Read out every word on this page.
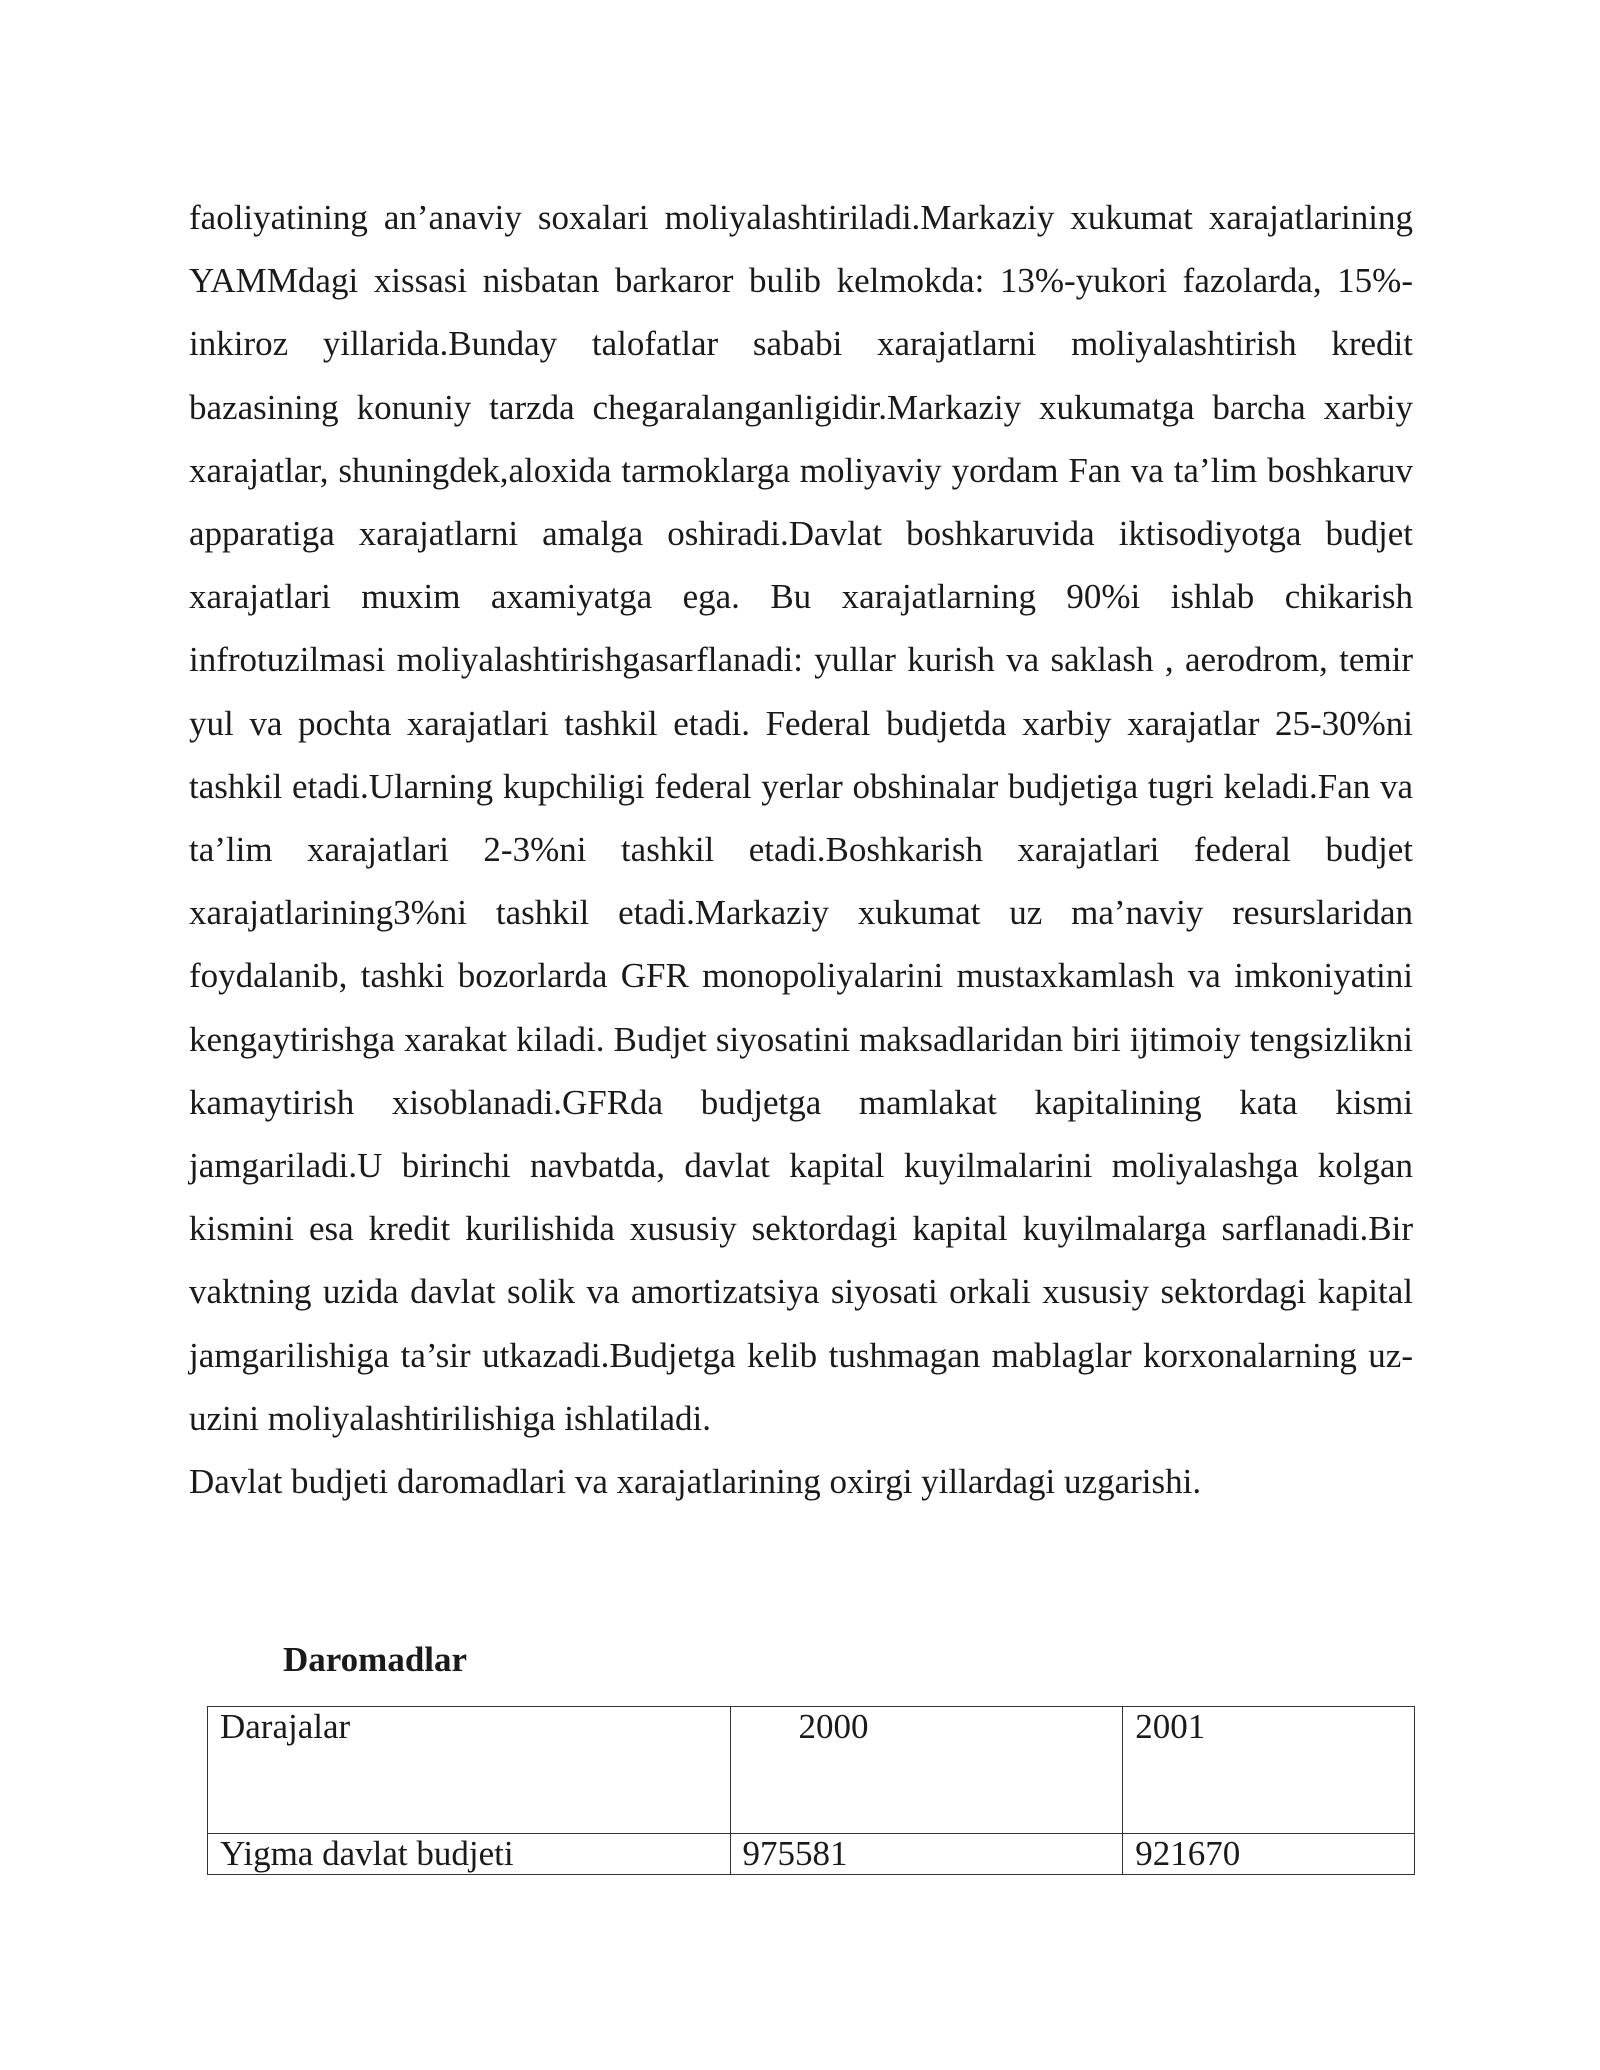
faoliyatining an’anaviy soxalari moliyalashtiriladi.Markaziy xukumat xarajatlarining YAMMdagi xissasi nisbatan barkaror bulib kelmokda: 13%-yukori fazolarda, 15%-inkiroz yillarida.Bunday talofatlar sababi xarajatlarni moliyalashtirish kredit bazasining konuniy tarzda chegaralanganligidir.Markaziy xukumatga barcha xarbiy xarajatlar, shuningdek,aloxida tarmoklarga moliyaviy yordam Fan va ta’lim boshkaruv apparatiga xarajatlarni amalga oshiradi.Davlat boshkaruvida iktisodiyotga budjet xarajatlari muxim axamiyatga ega. Bu xarajatlarning 90%i ishlab chikarish infrotuzilmasi moliyalashtirishgasarflanadi: yullar kurish va saklash , aerodrom, temir yul va pochta xarajatlari tashkil etadi. Federal budjetda xarbiy xarajatlar 25-30%ni tashkil etadi.Ularning kupchiligi federal yerlar obshinalar budjetiga tugri keladi.Fan va ta’lim xarajatlari 2-3%ni tashkil etadi.Boshkarish xarajatlari federal budjet xarajatlarining3%ni tashkil etadi.Markaziy xukumat uz ma’naviy resurslaridan foydalanib, tashki bozorlarda GFR monopoliyalarini mustaxkamlash va imkoniyatini kengaytirishga xarakat kiladi. Budjet siyosatini maksadlaridan biri ijtimoiy tengsizlikni kamaytirish xisoblanadi.GFRda budjetga mamlakat kapitalining kata kismi jamgariladi.U birinchi navbatda, davlat kapital kuyilmalarini moliyalashga kolgan kismini esa kredit kurilishida xususiy sektordagi kapital kuyilmalarga sarflanadi.Bir vaktning uzida davlat solik va amortizatsiya siyosati orkali xususiy sektordagi kapital jamgarilishiga ta’sir utkazadi.Budjetga kelib tushmagan mablaglar korxonalarning uz-uzini moliyalashtirilishiga ishlatiladi.

Davlat budjeti daromadlari va xarajatlarining oxirgi yillardagi uzgarishi.

Daromadlar

Darajalar	2000	2001
Yigma davlat budjeti	975581	921670
